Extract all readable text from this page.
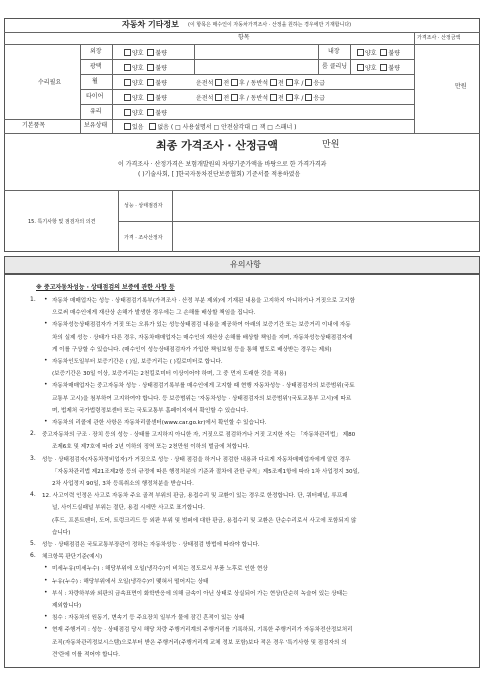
자동차 기타정보 (이 항목은 매수인이 자동차가격조사 · 산정을 원하는 경우에만 기재합니다)
항목	가격조사 · 산정금액
수리필요
만원
외장	양호 불량	내장	양호 불량
광택	양호 불량	룸 클리닝	양호 불량
휠	양호 불량	운전석 전 후 / 동반석 전 후 / 응급
타이어	양호 불량	운전석 전 후 / 동반석 전 후 / 응급
유리	양호 불량
기본품목	보유상태	있음 없음 ( □ 사용설명서 □ 안전삼각대 □ 잭 □ 스패너 )
최종 가격조사 · 산정금액	만원
이 가격조사 · 산정가격은 보험개발원의 차량기준가액을 바탕으로 한 가격가격과
( )기술사회, [ ]한국자동차진단보증협회) 기준서를 적용하였음
15. 특기사항 및 점검자의 의견
성능 · 상태점검자
가격 · 조사산정자
유의사항
※ 중고자동차성능 · 상태점검의 보증에 관한 사항 등
1. • 자동차 매매업자는 성능 · 상태점검기록부(가격조사 · 산정 부분 제외)에 기재된 내용을 고지하지 아니하거나 거짓으로 고지함
으로써 매수인에게 재산상 손해가 발생한 경우에는 그 손해를 배상할 책임을 집니다.
• 자동차성능상태점검자가 거짓 또는 오류가 있는 성능상태점검 내용을 제공하여 아래의 보증기간 또는 보증거리 이내에 자동
차의 실제 성능 · 상태가 다른 경우, 자동차매매업자는 매수인의 재산상 손해를 배상할 책임을 지며, 자동차성능상태점검자에
게 이를 구상할 수 있습니다. (매수인이 성능상태점검자가 가입한 책임보험 등을 통해 별도로 배상받는 경우는 제외)
• 자동차인도일부터 보증기간은 ( )일, 보증거리는 ( )킬로미터로 합니다.
(보증기간은 30일 이상, 보증거리는 2천킬로미터 이상이어야 하며, 그 중 먼저 도래한 것을 적용)
• 자동차매매업자는 중고자동차 성능 · 상태점검기록부를 매수인에게 고지할 때 현행 자동차성능 · 상태점검자의 보증범위(국토
교통부 고시)을 첨부하여 고지하여야 합니다. 등 보증범위는 '자동차성능 · 상태점검자의 보증범위'(국토교통부 고시)에 따르
며, 법제처 국가법령정보센터 또는 국토교통부 홈페이지에서 확인할 수 있습니다.
• 자동차의 리콜에 관한 사항은 자동차리콜센터(www.car.go.kr)에서 확인할 수 있습니다.
2. 중고자동차의 구조 · 장치 등의 성능 · 상태를 고지하지 아니한 자, 거짓으로 점검하거나 거짓 고지한 자는 「자동차관리법」 제80
조제6호 및 제7호에 따라 2년 이하의 징역 또는 2천만원 이하의 벌금에 처합니다.
3. 성능 · 상태점검자(자동차정비업자)가 거짓으로 성능 · 상태 점검을 하거나 점검한 내용과 다르게 자동차매매업자에게 알린 경우
「자동차관리법 제21조제2항 등의 규정에 따른 행정처분의 기준과 절차에 관한 규칙」제5조제1항에 따라 1차 사업정지 30일,
2차 사업정지 90일, 3차 등록취소의 행정처분을 받습니다.
4. 12. 사고이력 인정은 사고로 자동차 주요 골격 부위의 판금, 용접수리 및 교환이 있는 경우로 한정합니다. 단, 쿼터패널, 루프패
널, 사이드실패널 부위는 절단, 용접 시에만 사고로 표기합니다.
(후드, 프론트펜더, 도어, 트렁크리드 등 외판 부위 및 범퍼에 대한 판금, 용접수리 및 교환은 단순수리로서 사고에 포함되지 않
습니다)
5. 성능 · 상태점검은 국토교통부장관이 정하는 자동차성능 · 상태점검 방법에 따라야 합니다.
6. 체크항목 판단기준(예시)
• 미세누유(미세누수) : 해당부위에 오일(냉각수)이 비치는 정도로서 부품 노후로 인한 현상
• 누유(누수) : 해당부위에서 오일(냉각수)이 맺혀서 떨어지는 상태
• 부식 : 차량하부와 외판의 금속표면이 화학반응에 의해 금속이 아닌 상태로 상실되어 가는 현상(단순히 녹슬어 있는 상태는
제외합니다)
• 침수 : 자동차의 원동기, 변속기 등 주요장치 일부가 물에 잠긴 흔적이 있는 상태
• 현재 주행거리 : 성능 · 상태점검 당시 해당 차량 주행거리계의 주행거리를 기록하되, 기록한 주행거리가 자동차전산정보처리
조직(자동차관리정보시스템)으로부터 받은 주행거리(주행거리계 교체 정보 포함)보다 적은 경우 '특기사항 및 점검자의 의
견'란에 이를 적어야 합니다.
